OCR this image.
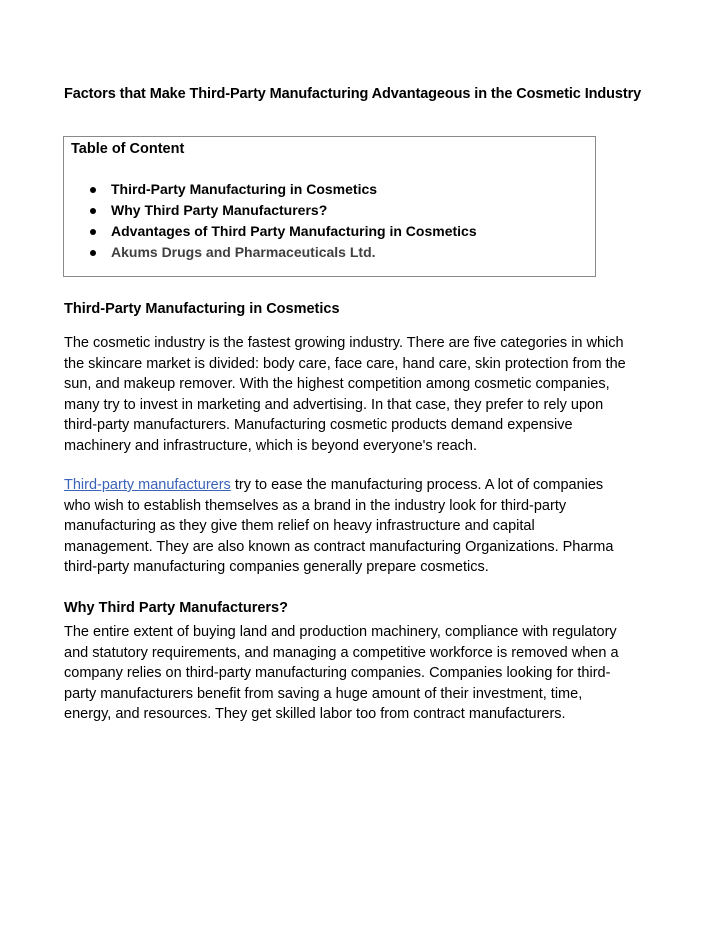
Factors that Make Third-Party Manufacturing Advantageous in the Cosmetic Industry
Table of Content
Third-Party Manufacturing in Cosmetics
Why Third Party Manufacturers?
Advantages of Third Party Manufacturing in Cosmetics
Akums Drugs and Pharmaceuticals Ltd.
Third-Party Manufacturing in Cosmetics

The cosmetic industry is the fastest growing industry. There are five categories in which
the skincare market is divided: body care, face care, hand care, skin protection from the
sun, and makeup remover. With the highest competition among cosmetic companies,
many try to invest in marketing and advertising. In that case, they prefer to rely upon
third-party manufacturers. Manufacturing cosmetic products demand expensive
machinery and infrastructure, which is beyond everyone's reach.

Third-party manufacturers try to ease the manufacturing process. A lot of companies
who wish to establish themselves as a brand in the industry look for third-party
manufacturing as they give them relief on heavy infrastructure and capital
management. They are also known as contract manufacturing Organizations. Pharma
third-party manufacturing companies generally prepare cosmetics.

Why Third Party Manufacturers?

The entire extent of buying land and production machinery, compliance with regulatory
and statutory requirements, and managing a competitive workforce is removed when a
company relies on third-party manufacturing companies. Companies looking for third-
party manufacturers benefit from saving a huge amount of their investment, time,
energy, and resources. They get skilled labor too from contract manufacturers.
